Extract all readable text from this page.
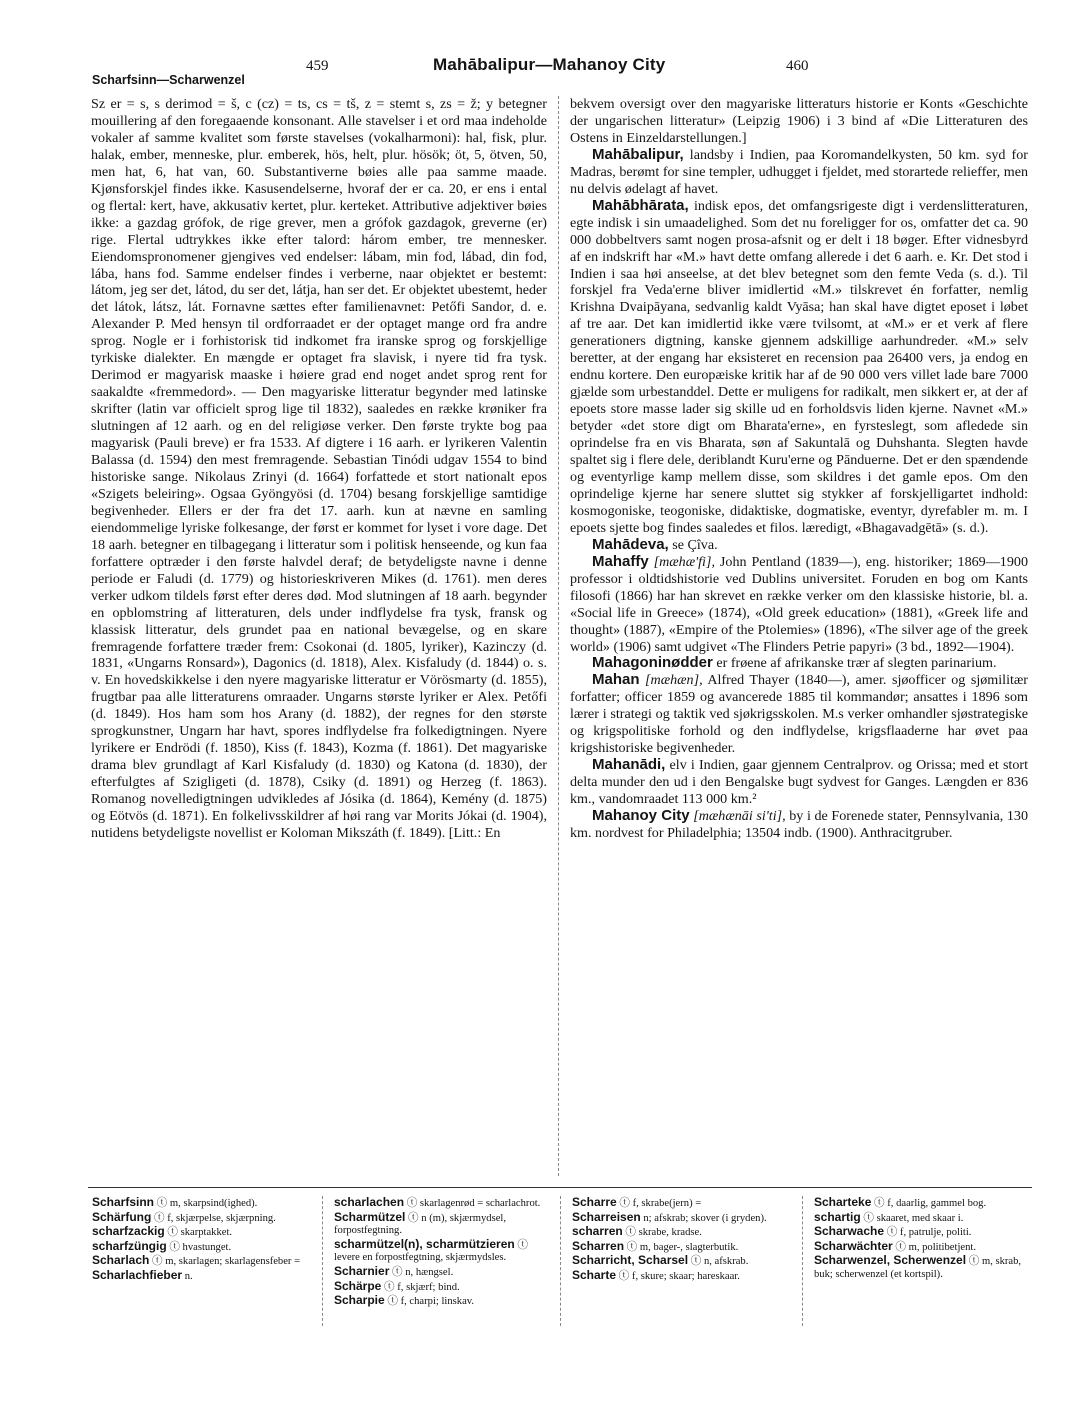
459	Mahābalipur—Mahanoy City	460
Scharfsinn—Scharwenzel

Sz er = s, s derimod = š, c (cz) = ts, cs = tš, z = stemt s, zs = ž; y betegner mouillering af den foregaaende konsonant. Alle stavelser i et ord maa indeholde vokaler af samme kvalitet som første stavelses (vokalharmoni): hal, fisk, plur. halak, ember, menneske, plur. emberek, hös, helt, plur. hösök; öt, 5, ötven, 50, men hat, 6, hat van, 60. Substantiverne bøies alle paa samme maade. Kjønsforskjel findes ikke. Kasusendelserne, hvoraf der er ca. 20, er ens i ental og flertal: kert, have, akkusativ kertet, plur. kerteket. Attributive adjektiver bøies ikke: a gazdag grófok, de rige grever, men a grófok gazdagok, greverne (er) rige. Flertal udtrykkes ikke efter talord: három ember, tre mennesker. Eiendomspronomener gjengives ved endelser: lábam, min fod, lábad, din fod, lába, hans fod. Samme endelser findes i verberne, naar objektet er bestemt: látom, jeg ser det, látod, du ser det, látja, han ser det. Er objektet ubestemt, heder det látok, látsz, lát. Fornavne sættes efter familienavnet: Petőfi Sandor, d. e. Alexander P. Med hensyn til ordforraadet er der optaget mange ord fra andre sprog. Nogle er i forhistorisk tid indkomet fra iranske sprog og forskjellige tyrkiske dialekter. En mængde er optaget fra slavisk, i nyere tid fra tysk. Derimod er magyarisk maaske i høiere grad end noget andet sprog rent for saakaldte «fremmedord». — Den magyariske litteratur begynder med latinske skrifter (latin var officielt sprog lige til 1832), saaledes en række krøniker fra slutningen af 12 aarh. og en del religiøse verker. Den første trykte bog paa magyarisk (Pauli breve) er fra 1533. Af digtere i 16 aarh. er lyrikeren Valentin Balassa (d. 1594) den mest fremragende. Sebastian Tinódi udgav 1554 to bind historiske sange. Nikolaus Zrinyi (d. 1664) forfattede et stort nationalt epos «Szigets beleiring». Ogsaa Gyöngyösi (d. 1704) besang forskjellige samtidige begivenheder. Ellers er der fra det 17. aarh. kun at nævne en samling eiendommelige lyriske folkesange, der først er kommet for lyset i vore dage. Det 18 aarh. betegner en tilbagegang i litteratur som i politisk henseende, og kun faa forfattere optræder i den første halvdel deraf; de betydeligste navne i denne periode er Faludi (d. 1779) og historieskriveren Mikes (d. 1761). men deres verker udkom tildels først efter deres død. Mod slutningen af 18 aarh. begynder en opblomstring af litteraturen, dels under indflydelse fra tysk, fransk og klassisk litteratur, dels grundet paa en national bevægelse, og en skare fremragende forfattere træder frem: Csokonai (d. 1805, lyriker), Kazinczy (d. 1831, «Ungarns Ronsard»), Dagonics (d. 1818), Alex. Kisfaludy (d. 1844) o. s. v. En hovedskikkelse i den nyere magyariske litteratur er Vörösmarty (d. 1855), frugtbar paa alle litteraturens omraader. Ungarns største lyriker er Alex. Petőfi (d. 1849). Hos ham som hos Arany (d. 1882), der regnes for den største sprogkunstner, Ungarn har havt, spores indflydelse fra folkedigtningen. Nyere lyrikere er Endrödi (f. 1850), Kiss (f. 1843), Kozma (f. 1861). Det magyariske drama blev grundlagt af Karl Kisfaludy (d. 1830) og Katona (d. 1830), der efterfulgtes af Szigligeti (d. 1878), Csiky (d. 1891) og Herzeg (f. 1863). Romanog novelledigtningen udvikledes af Jósika (d. 1864), Kemény (d. 1875) og Eötvös (d. 1871). En folkelivsskildrer af høi rang var Morits Jókai (d. 1904), nutidens betydeligste novellist er Koloman Mikszáth (f. 1849). [Litt.: En

bekvem oversigt over den magyariske litteraturs historie er Konts «Geschichte der ungarischen litteratur» (Leipzig 1906) i 3 bind af «Die Litteraturen des Ostens in Einzeldarstellungen.]

Mahābalipur, landsby i Indien, paa Koromandelkysten, 50 km. syd for Madras, berømt for sine templer, udhugget i fjeldet, med storartede relieffer, men nu delvis ødelagt af havet.

Mahābhārata, indisk epos, det omfangsrigeste digt i verdenslitteraturen, egte indisk i sin umaadelighed. Som det nu foreligger for os, omfatter det ca. 90 000 dobbeltvers samt nogen prosa-afsnit og er delt i 18 bøger. Efter vidnesbyrd af en indskrift har «M.» havt dette omfang allerede i det 6 aarh. e. Kr. Det stod i Indien i saa høi anseelse, at det blev betegnet som den femte Veda (s. d.). Til forskjel fra Veda'erne bliver imidlertid «M.» tilskrevet én forfatter, nemlig Krishna Dvaipāyana, sedvanlig kaldt Vyāsa; han skal have digtet eposet i løbet af tre aar. Det kan imidlertid ikke være tvilsomt, at «M.» er et verk af flere generationers digtning, kanske gjennem adskillige aarhundreder. «M.» selv beretter, at der engang har eksisteret en recension paa 26400 vers, ja endog en endnu kortere. Den europæiske kritik har af de 90 000 vers villet lade bare 7000 gjælde som urbestanddel. Dette er muligens for radikalt, men sikkert er, at der af epoets store masse lader sig skille ud en forholdsvis liden kjerne. Navnet «M.» betyder «det store digt om Bharata'erne», en fyrsteslegt, som afledede sin oprindelse fra en vis Bharata, søn af Sakuntalā og Duhshanta. Slegten havde spaltet sig i flere dele, deriblandt Kuru'erne og Pānduerne. Det er den spændende og eventyrlige kamp mellem disse, som skildres i det gamle epos. Om den oprindelige kjerne har senere sluttet sig stykker af forskjelligartet indhold: kosmogoniske, teogoniske, didaktiske, dogmatiske, eventyr, dyrefabler m. m. I epoets sjette bog findes saaledes et filos. læredigt, «Bhagavadgētā» (s. d.).

Mahādeva, se Çîva.

Mahaffy [mæhæ'fi], John Pentland (1839—), eng. historiker; 1869—1900 professor i oldtidshistorie ved Dublins universitet. Foruden en bog om Kants filosofi (1866) har han skrevet en række verker om den klassiske historie, bl. a. «Social life in Greece» (1874), «Old greek education» (1881), «Greek life and thought» (1887), «Empire of the Ptolemies» (1896), «The silver age of the greek world» (1906) samt udgivet «The Flinders Petrie papyri» (3 bd., 1892—1904).

Mahagoninødder er frøene af afrikanske trær af slegten parinarium.

Mahan [mæhæn], Alfred Thayer (1840—), amer. sjøofficer og sjømilitær forfatter; officer 1859 og avancerede 1885 til kommandør; ansattes i 1896 som lærer i strategi og taktik ved sjøkrigsskolen. M.s verker omhandler sjøstrategiske og krigspolitiske forhold og den indflydelse, krigsflaaderne har øvet paa krigshistoriske begivenheder.

Mahanādi, elv i Indien, gaar gjennem Centralprov. og Orissa; med et stort delta munder den ud i den Bengalske bugt sydvest for Ganges. Længden er 836 km., vandomraadet 113 000 km.²

Mahanoy City [mæhænāi si'ti], by i de Forenede stater, Pennsylvania, 130 km. nordvest for Philadelphia; 13504 indb. (1900). Anthracitgruber.

Scharfsinn ⓣ m, skarpsind(ighed).

Schärfung ⓣ f, skjærpelse, skjærpning.

scharfzackig ⓣ skarptakket.

scharfzüngig ⓣ hvastunget.

Scharlach ⓣ m, skarlagen; skarlagensfeber =

Scharlachfieber n.

scharlachen ⓣ skarlagenrød = scharlachrot.

Scharmützel ⓣ n (m), skjærmydsel, forpostfegtning.

scharmützel(n), scharmützieren ⓣ levere en forpostfegtning, skjærmydsles.

Scharnier ⓣ n, hængsel.

Schärpe ⓣ f, skjærf; bind.

Scharpie ⓣ f, charpi; linskav.

Scharre ⓣ f, skrabe(jern) =

Scharreisen n; afskrab; skover (i gryden).

scharren ⓣ skrabe, kradse.

Scharren ⓣ m, bager-, slagterbutik.

Scharricht, Scharsel ⓣ n, afskrab.

Scharte ⓣ f, skure; skaar; hareskaar.

Scharteke ⓣ f, daarlig, gammel bog.

schartig ⓣ skaaret, med skaar i.

Scharwache ⓣ f, patrulje, politi.

Scharwächter ⓣ m, politibetjent.

Scharwenzel, Scherwenzel ⓣ m, skrab, buk; scherwenzel (et kortspil).
